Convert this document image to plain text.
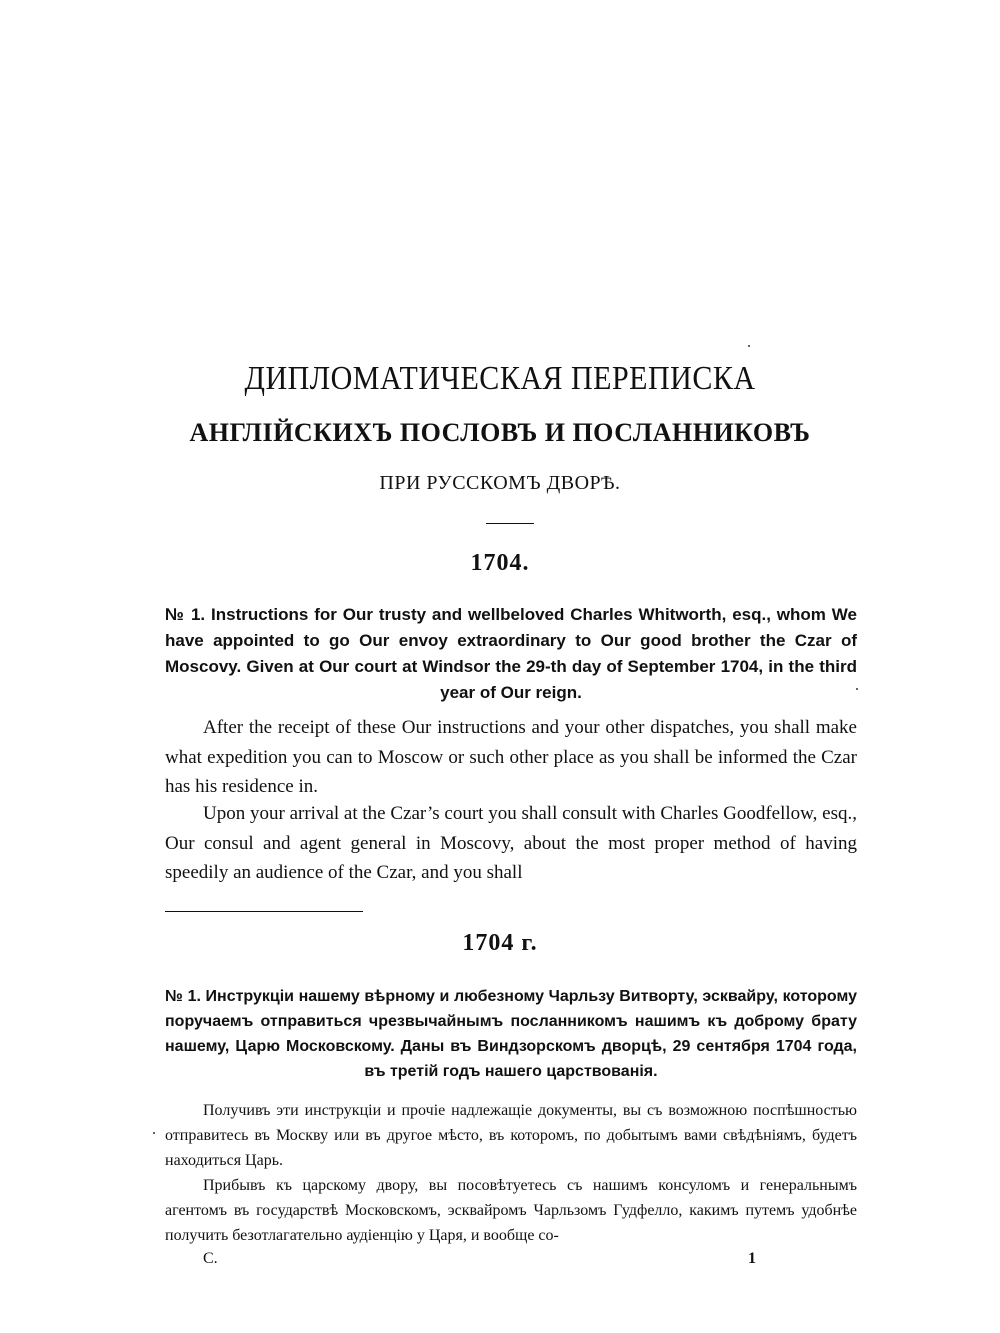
ДИПЛОМАТИЧЕСКАЯ ПЕРЕПИСКА
АНГЛІЙСКИХЪ ПОСЛОВЪ И ПОСЛАННИКОВЪ
ПРИ РУССКОМЪ ДВОРѢ.
1704.
№ 1. Instructions for Our trusty and wellbeloved Charles Whitworth, esq., whom We have appointed to go Our envoy extraordinary to Our good brother the Czar of Moscovy. Given at Our court at Windsor the 29-th day of September 1704, in the third year of Our reign.
After the receipt of these Our instructions and your other dispatches, you shall make what expedition you can to Moscow or such other place as you shall be informed the Czar has his residence in.
Upon your arrival at the Czar’s court you shall consult with Charles Goodfellow, esq., Our consul and agent general in Moscovy, about the most proper method of having speedily an audience of the Czar, and you shall
1704 г.
№ 1. Инструкціи нашему вѣрному и любезному Чарльзу Витворту, эсквайру, которому поручаемъ отправиться чрезвычайнымъ посланникомъ нашимъ къ доброму брату нашему, Царю Московскому. Даны въ Виндзорскомъ дворцѣ, 29 сентября 1704 года, въ третій годъ нашего царствованія.
Получивъ эти инструкціи и прочіе надлежащіе документы, вы съ возможною поспѣшностью отправитесь въ Москву или въ другое мѣсто, въ которомъ, по добытымъ вами свѣдѣніямъ, будетъ находиться Царь.
Прибывъ къ царскому двору, вы посовѣтуетесь съ нашимъ консуломъ и генеральнымъ агентомъ въ государствѣ Московскомъ, эсквайромъ Чарльзомъ Гудфелло, какимъ путемъ удобнѣе получить безотлагательно аудіенцію у Царя, и вообще со-
С.	1
